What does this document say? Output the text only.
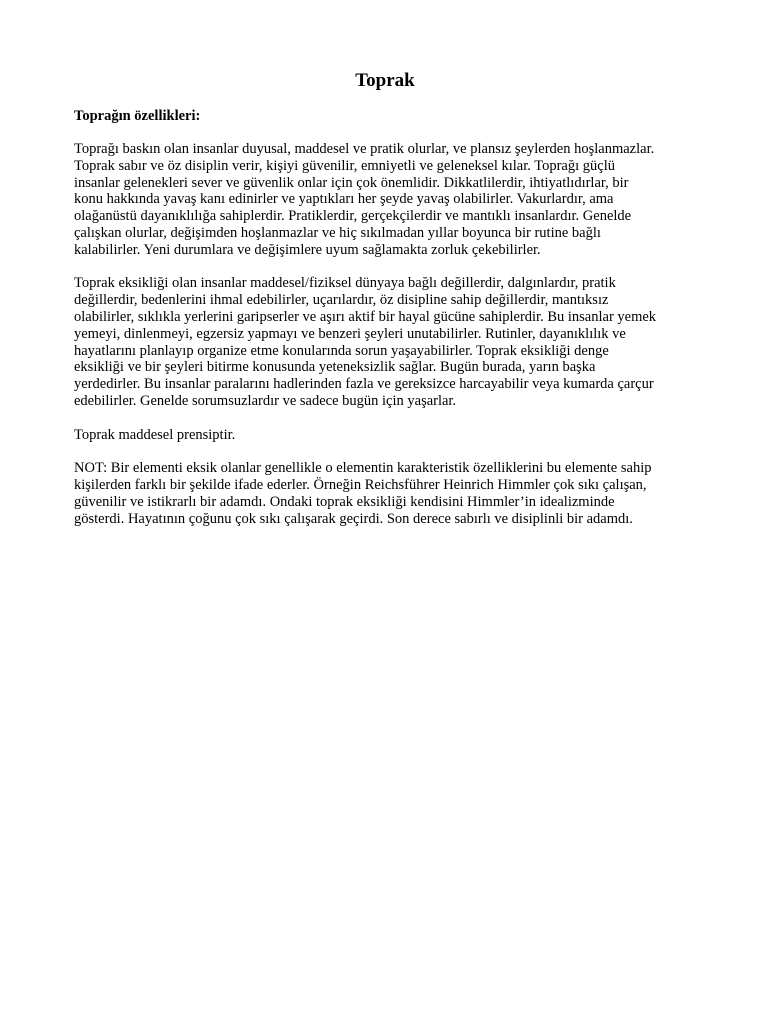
Toprak
Toprağın özellikleri:

Toprağı baskın olan insanlar duyusal, maddesel ve pratik olurlar, ve plansız şeylerden hoşlanmazlar.
Toprak sabır ve öz disiplin verir, kişiyi güvenilir, emniyetli ve geleneksel kılar. Toprağı güçlü
insanlar gelenekleri sever ve güvenlik onlar için çok önemlidir. Dikkatlilerdir, ihtiyatlıdırlar, bir
konu hakkında yavaş kanı edinirler ve yaptıkları her şeyde yavaş olabilirler. Vakurlardır, ama
olağanüstü dayanıklılığa sahiplerdir. Pratiklerdir, gerçekçilerdir ve mantıklı insanlardır. Genelde
çalışkan olurlar, değişimden hoşlanmazlar ve hiç sıkılmadan yıllar boyunca bir rutine bağlı
kalabilirler. Yeni durumlara ve değişimlere uyum sağlamakta zorluk çekebilirler.

Toprak eksikliği olan insanlar maddesel/fiziksel dünyaya bağlı değillerdir, dalgınlardır, pratik
değillerdir, bedenlerini ihmal edebilirler, uçarılardır, öz disipline sahip değillerdir, mantıksız
olabilirler, sıklıkla yerlerini garipserler ve aşırı aktif bir hayal gücüne sahiplerdir. Bu insanlar yemek
yemeyi, dinlenmeyi, egzersiz yapmayı ve benzeri şeyleri unutabilirler. Rutinler, dayanıklılık ve
hayatlarını planlayıp organize etme konularında sorun yaşayabilirler. Toprak eksikliği denge
eksikliği ve bir şeyleri bitirme konusunda yeteneksizlik sağlar. Bugün burada, yarın başka
yerdedirler. Bu insanlar paralarını hadlerinden fazla ve gereksizce harcayabilir veya kumarda çarçur
edebilirler. Genelde sorumsuzlardır ve sadece bugün için yaşarlar.

Toprak maddesel prensiptir.

NOT: Bir elementi eksik olanlar genellikle o elementin karakteristik özelliklerini bu elemente sahip
kişilerden farklı bir şekilde ifade ederler. Örneğin Reichsführer Heinrich Himmler çok sıkı çalışan,
güvenilir ve istikrarlı bir adamdı. Ondaki toprak eksikliği kendisini Himmler’in idealizminde
gösterdi. Hayatının çoğunu çok sıkı çalışarak geçirdi. Son derece sabırlı ve disiplinli bir adamdı.
